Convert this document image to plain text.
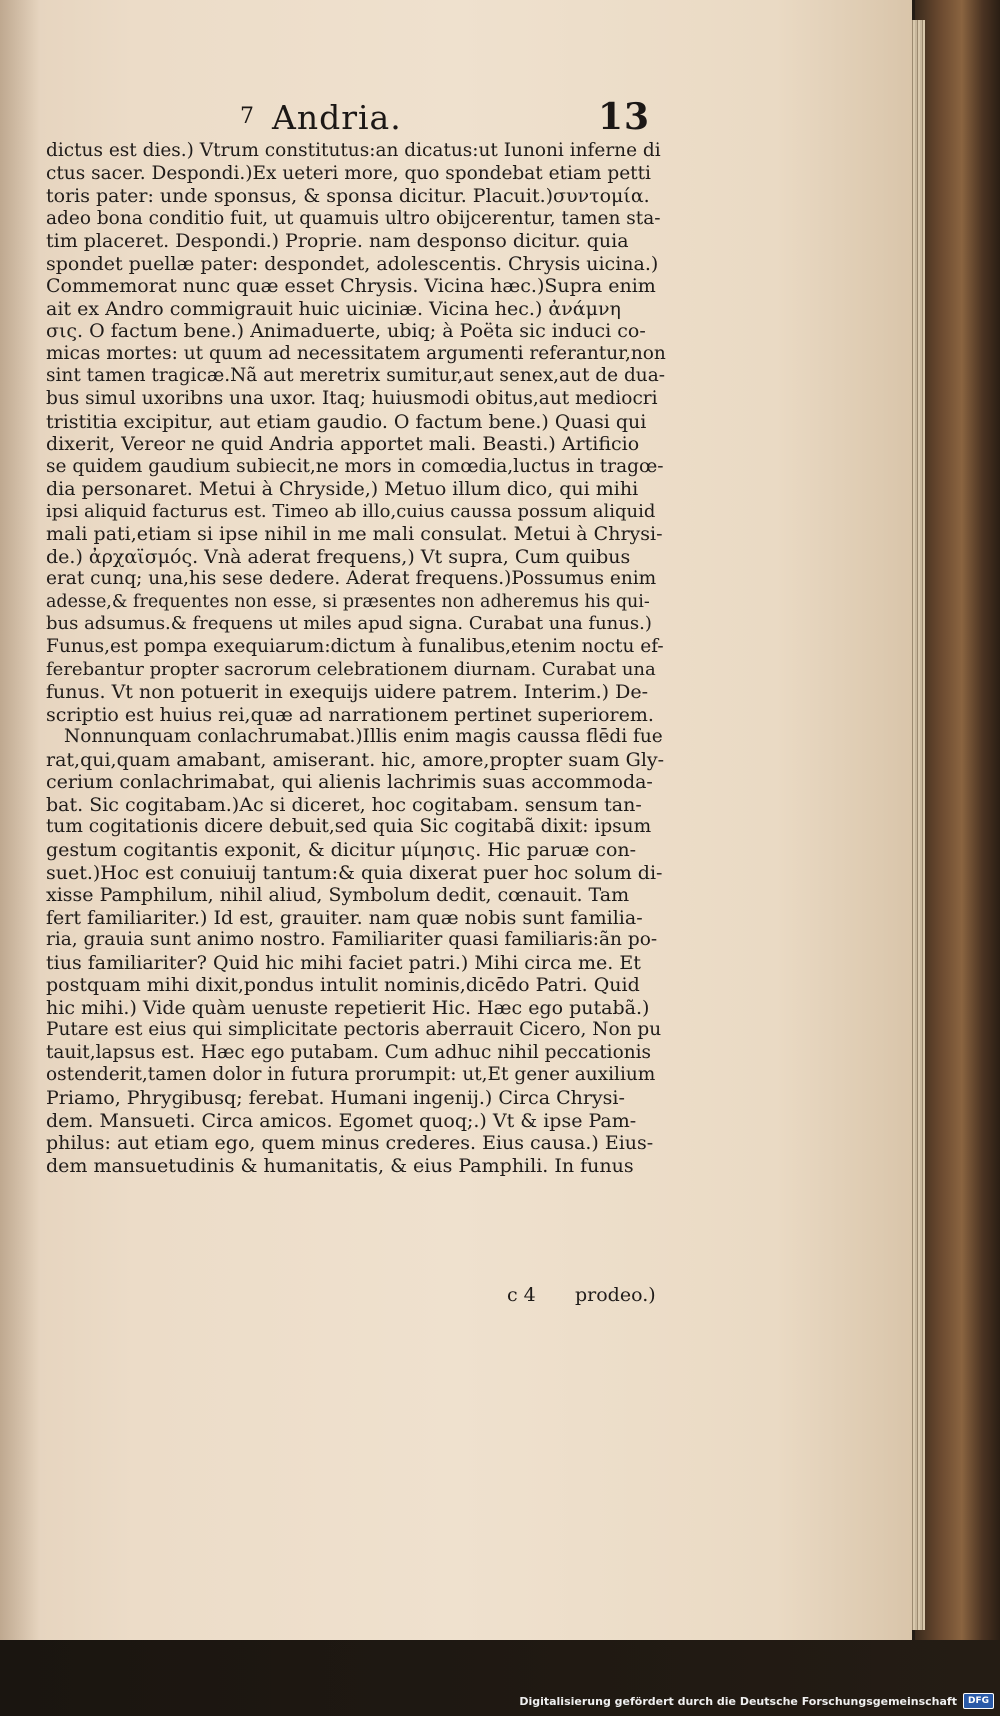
7 Andria.	13
dictus est dies.) Vtrum constitutus:an dicatus:ut Iunoni inferne di
ctus sacer. Despondi.)Ex ueteri more, quo spondebat etiam petti
toris pater: unde sponsus, & sponsa dicitur. Placuit.)συντομία.
adeo bona conditio fuit, ut quamuis ultro obijcerentur, tamen sta-
tim placeret. Despondi.) Proprie. nam desponso dicitur. quia
spondet puellæ pater: despondet, adolescentis. Chrysis uicina.)
Commemorat nunc quæ esset Chrysis. Vicina hæc.)Supra enim
ait ex Andro commigrauit huic uiciniæ. Vicina hec.) ἀνάμνη
σις. O factum bene.) Animaduerte, ubiq; à Poëta sic induci co-
micas mortes: ut quum ad necessitatem argumenti referantur,non
sint tamen tragicæ.Nã aut meretrix sumitur,aut senex,aut de dua-
bus simul uxoribns una uxor. Itaq; huiusmodi obitus,aut mediocri
tristitia excipitur, aut etiam gaudio. O factum bene.) Quasi qui
dixerit, Vereor ne quid Andria apportet mali. Beasti.) Artificio
se quidem gaudium subiecit,ne mors in comœdia,luctus in tragœ-
dia personaret. Metui à Chryside,) Metuo illum dico, qui mihi
ipsi aliquid facturus est. Timeo ab illo,cuius caussa possum aliquid
mali pati,etiam si ipse nihil in me mali consulat. Metui à Chrysi-
de.) ἀρχαϊσμός. Vnà aderat frequens,) Vt supra, Cum quibus
erat cunq; una,his sese dedere. Aderat frequens.)Possumus enim
adesse,& frequentes non esse, si præsentes non adheremus his qui-
bus adsumus.& frequens ut miles apud signa. Curabat una funus.)
Funus,est pompa exequiarum:dictum à funalibus,etenim noctu ef-
ferebantur propter sacrorum celebrationem diurnam. Curabat una
funus. Vt non potuerit in exequijs uidere patrem. Interim.) De-
scriptio est huius rei,quæ ad narrationem pertinet superiorem.
Nonnunquam conlachrumabat.)Illis enim magis caussa flēdi fue
rat,qui,quam amabant, amiserant. hic, amore,propter suam Gly-
cerium conlachrimabat, qui alienis lachrimis suas accommoda-
bat. Sic cogitabam.)Ac si diceret, hoc cogitabam. sensum tan-
tum cogitationis dicere debuit,sed quia Sic cogitabã dixit: ipsum
gestum cogitantis exponit, & dicitur μίμησις. Hic paruæ con-
suet.)Hoc est conuiuij tantum:& quia dixerat puer hoc solum di-
xisse Pamphilum, nihil aliud, Symbolum dedit, cœnauit. Tam
fert familiariter.) Id est, grauiter. nam quæ nobis sunt familia-
ria, grauia sunt animo nostro. Familiariter quasi familiaris:ãn po-
tius familiariter? Quid hic mihi faciet patri.) Mihi circa me. Et
postquam mihi dixit,pondus intulit nominis,dicēdo Patri. Quid
hic mihi.) Vide quàm uenuste repetierit Hic. Hæc ego putabã.)
Putare est eius qui simplicitate pectoris aberrauit Cicero, Non pu
tauit,lapsus est. Hæc ego putabam. Cum adhuc nihil peccationis
ostenderit,tamen dolor in futura prorumpit: ut,Et gener auxilium
Priamo, Phrygibusq; ferebat. Humani ingenij.) Circa Chrysi-
dem. Mansueti. Circa amicos. Egomet quoq;.) Vt & ipse Pam-
philus: aut etiam ego, quem minus crederes. Eius causa.) Eius-
dem mansuetudinis & humanitatis, & eius Pamphili. In funus
c 4 prodeo.)
Digitalisierung gefördert durch die Deutsche Forschungsgemeinschaft	DFG
